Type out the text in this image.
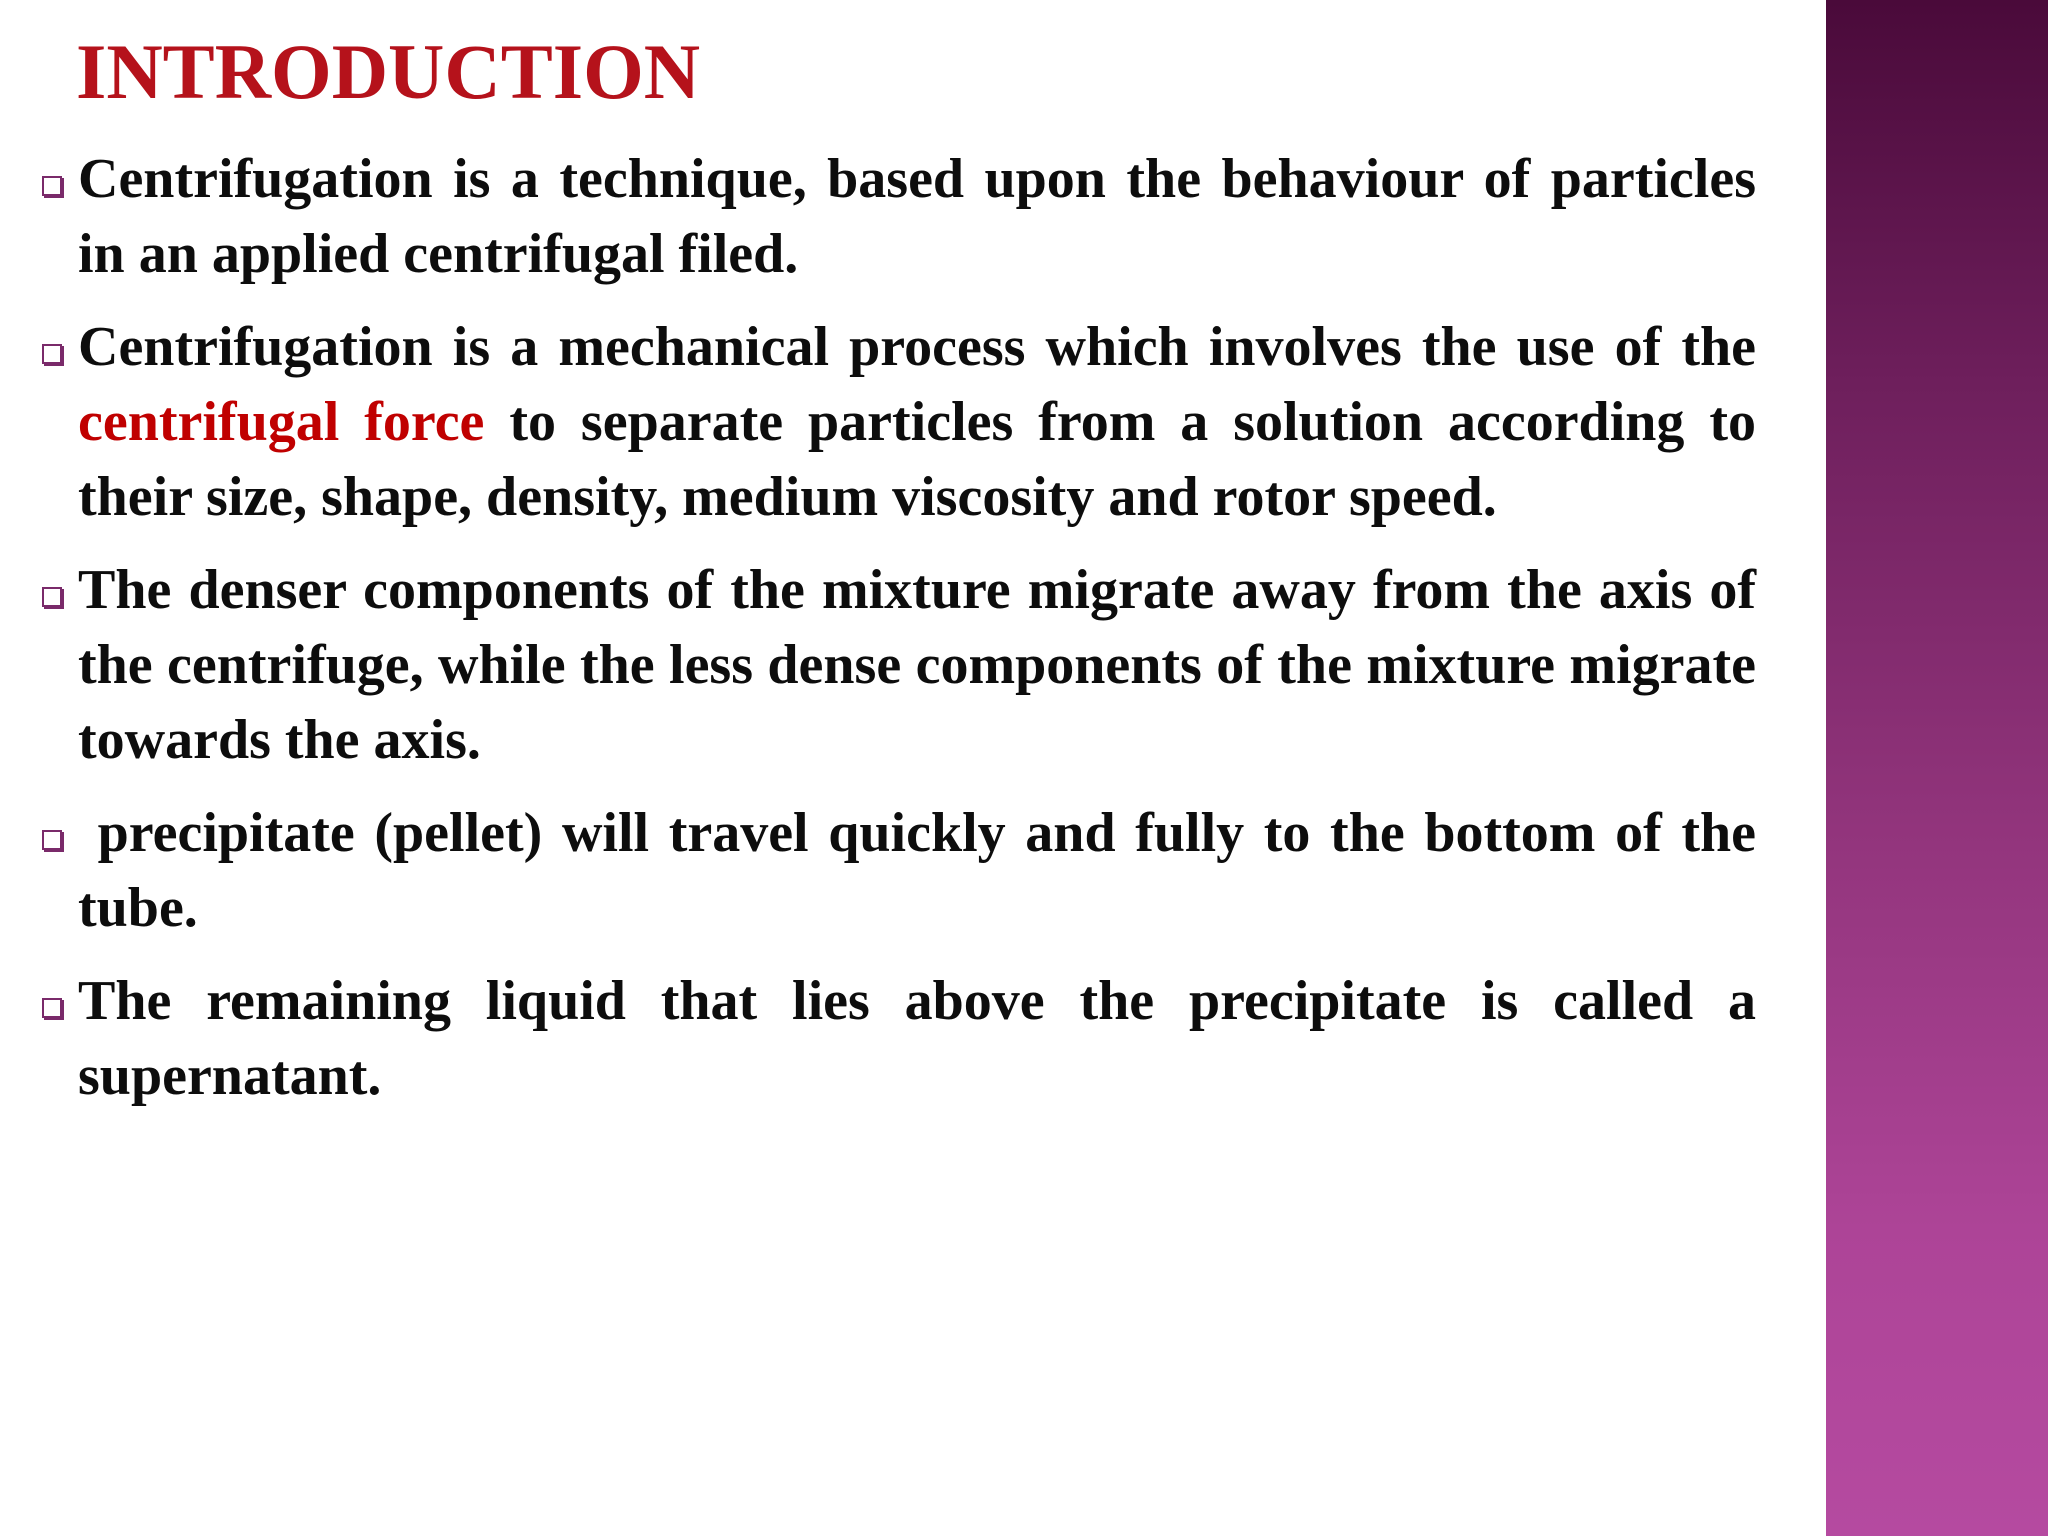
INTRODUCTION
Centrifugation is a technique, based upon the behaviour of particles in an applied centrifugal filed.
Centrifugation is a mechanical process which involves the use of the centrifugal force to separate particles from a solution according to their size, shape, density, medium viscosity and rotor speed.
The denser components of the mixture migrate away from the axis of the centrifuge, while the less dense components of the mixture migrate towards the axis.
precipitate (pellet) will travel quickly and fully to the bottom of the tube.
The remaining liquid that lies above the precipitate is called a supernatant.
